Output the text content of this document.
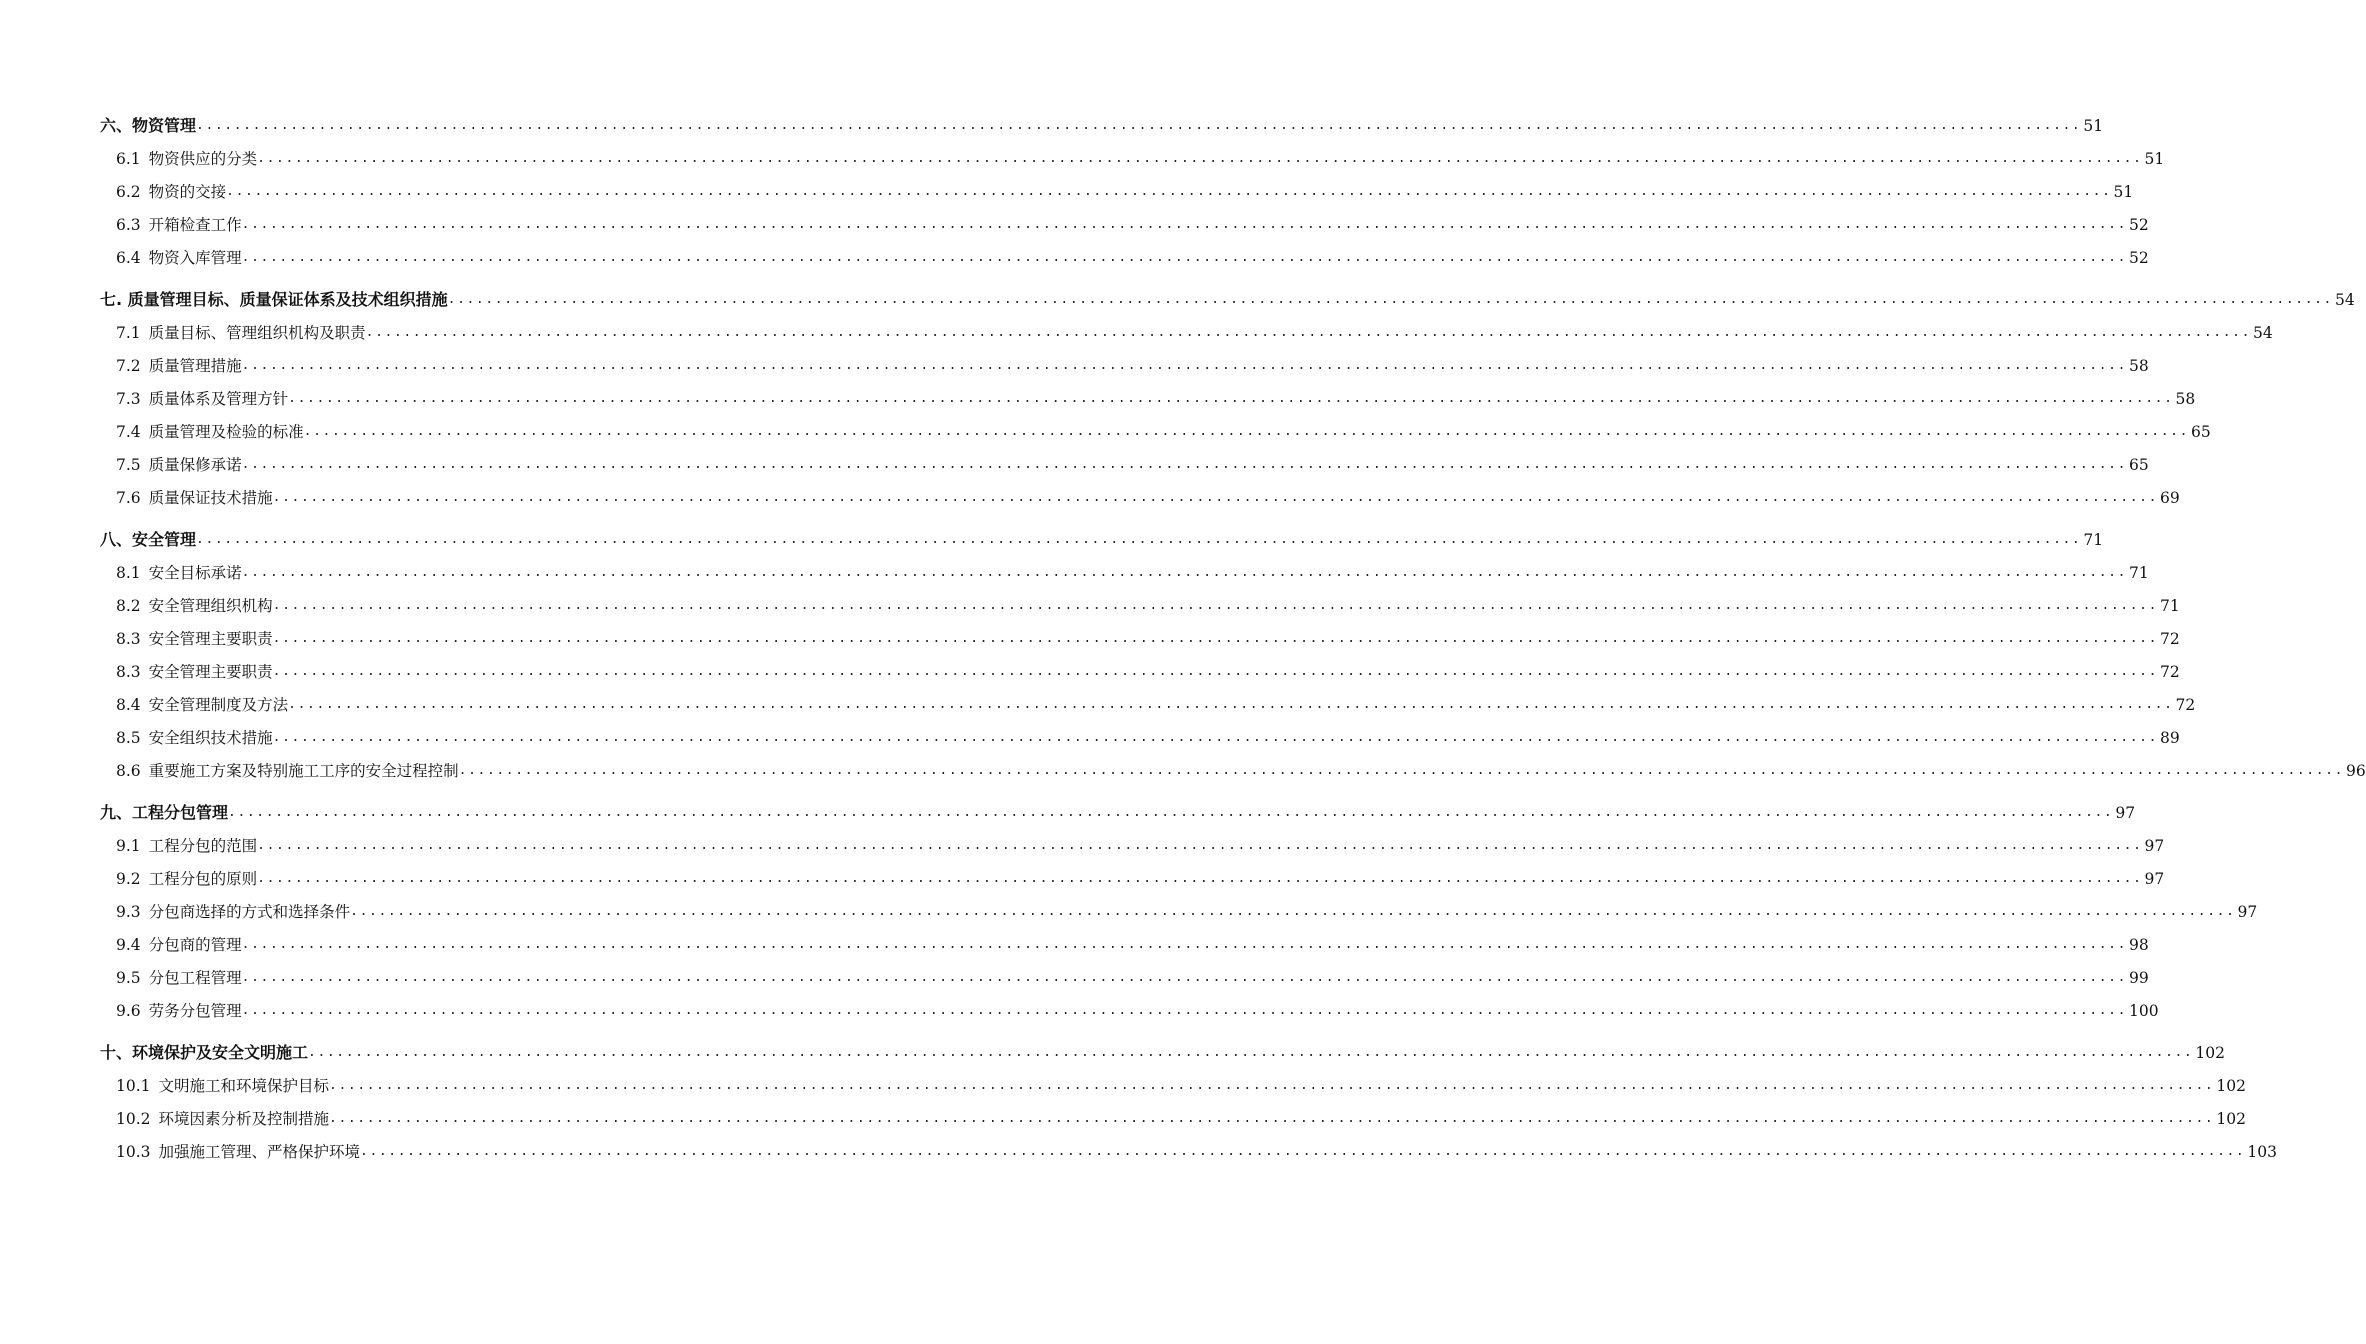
六、物资管理 ........................................................................................................................................................................................................ 51
6.1 物资供应的分类 ........................................................................................................................................................................................................ 51
6.2 物资的交接 ........................................................................................................................................................................................................ 51
6.3 开箱检查工作 ........................................................................................................................................................................................................ 52
6.4 物资入库管理 ........................................................................................................................................................................................................ 52
七. 质量管理目标、质量保证体系及技术组织措施 ........................................................................................................................................................................................................ 54
7.1 质量目标、管理组织机构及职责 ........................................................................................................................................................................................................ 54
7.2 质量管理措施 ........................................................................................................................................................................................................ 58
7.3 质量体系及管理方针 ........................................................................................................................................................................................................ 58
7.4 质量管理及检验的标准 ........................................................................................................................................................................................................ 65
7.5 质量保修承诺 ........................................................................................................................................................................................................ 65
7.6 质量保证技术措施 ........................................................................................................................................................................................................ 69
八、安全管理 ........................................................................................................................................................................................................ 71
8.1 安全目标承诺 ........................................................................................................................................................................................................ 71
8.2 安全管理组织机构 ........................................................................................................................................................................................................ 71
8.3 安全管理主要职责 ........................................................................................................................................................................................................ 72
8.3 安全管理主要职责 ........................................................................................................................................................................................................ 72
8.4 安全管理制度及方法 ........................................................................................................................................................................................................ 72
8.5 安全组织技术措施 ........................................................................................................................................................................................................ 89
8.6 重要施工方案及特别施工工序的安全过程控制 ........................................................................................................................................................................................................ 96
九、工程分包管理 ........................................................................................................................................................................................................ 97
9.1 工程分包的范围 ........................................................................................................................................................................................................ 97
9.2 工程分包的原则 ........................................................................................................................................................................................................ 97
9.3 分包商选择的方式和选择条件 ........................................................................................................................................................................................................ 97
9.4 分包商的管理 ........................................................................................................................................................................................................ 98
9.5 分包工程管理 ........................................................................................................................................................................................................ 99
9.6 劳务分包管理 ........................................................................................................................................................................................................ 100
十、环境保护及安全文明施工 ........................................................................................................................................................................................................ 102
10.1 文明施工和环境保护目标 ........................................................................................................................................................................................................ 102
10.2 环境因素分析及控制措施 ........................................................................................................................................................................................................ 102
10.3 加强施工管理、严格保护环境 ........................................................................................................................................................................................................ 103
